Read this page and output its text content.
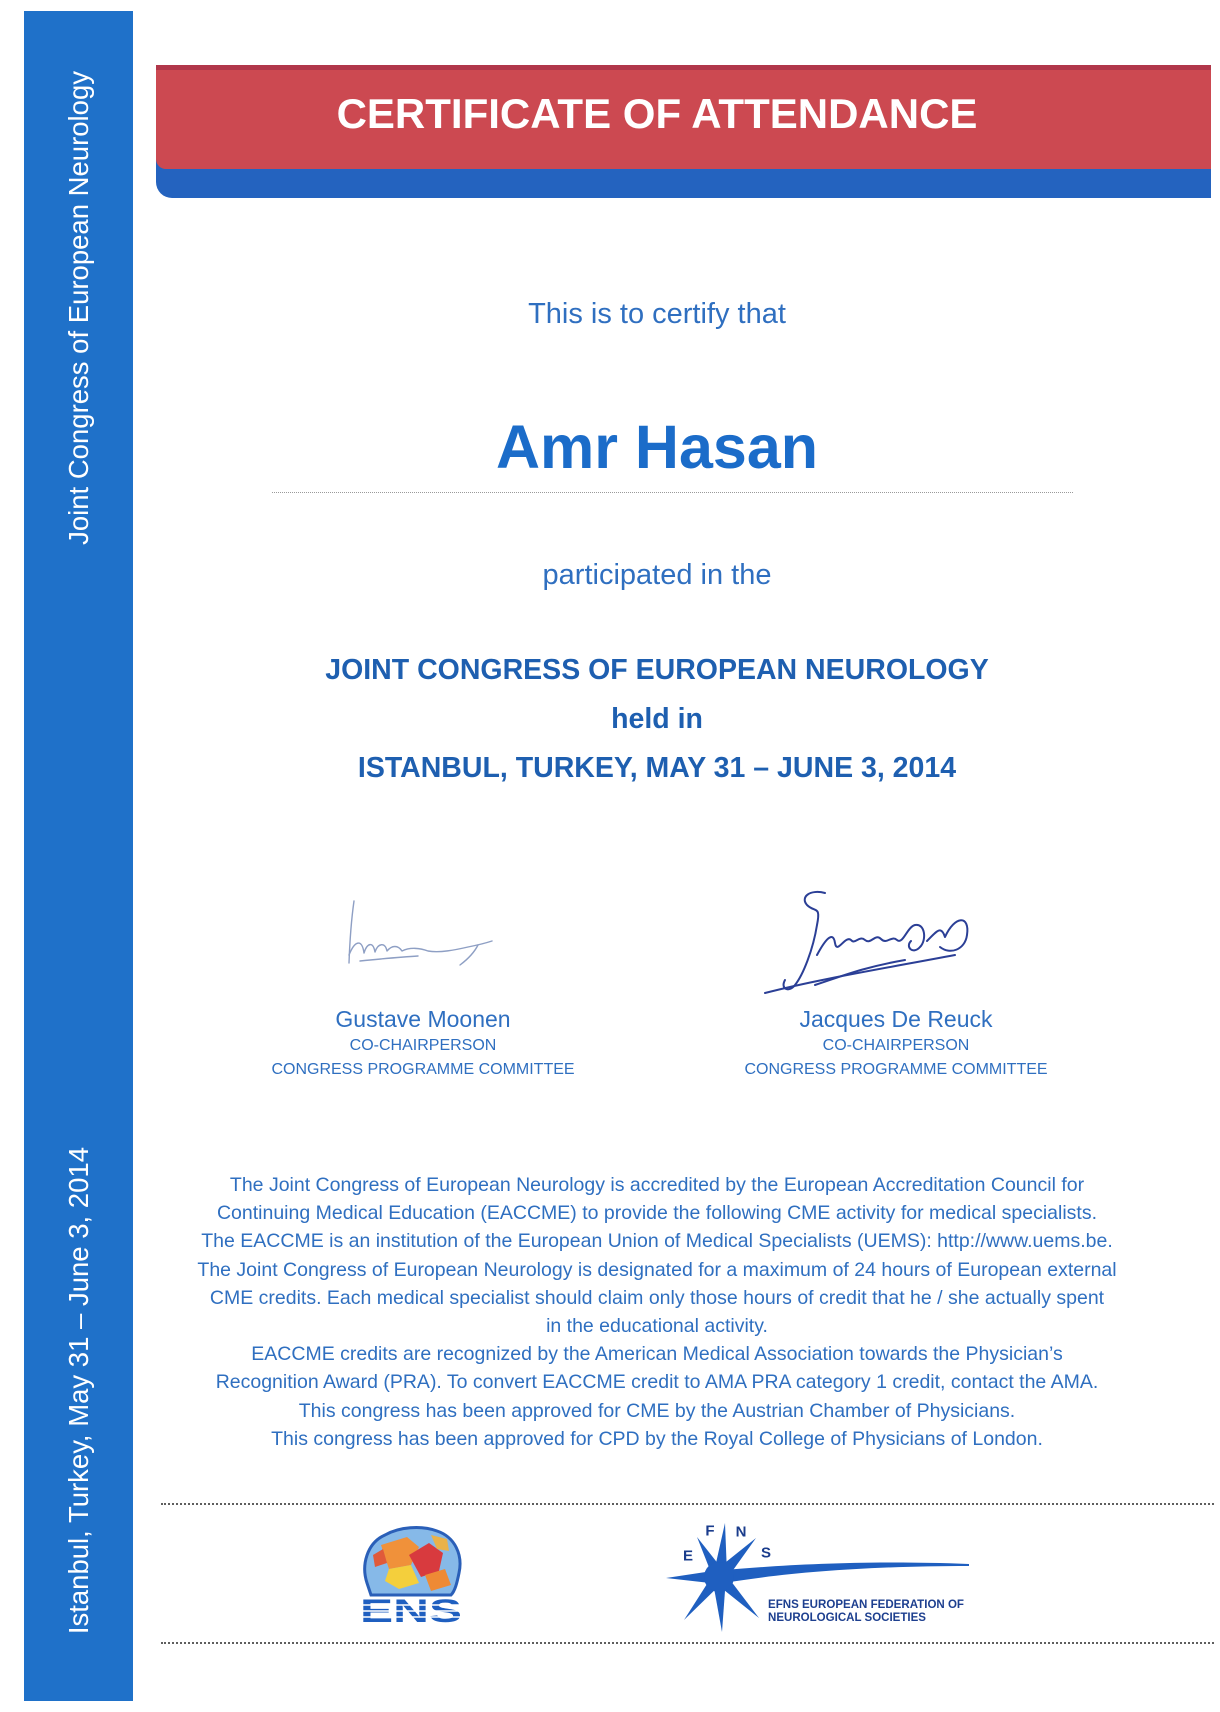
Joint Congress of European Neurology
Istanbul, Turkey, May 31 – June 3, 2014
CERTIFICATE OF ATTENDANCE
This is to certify that
Amr Hasan
participated in the
JOINT CONGRESS OF EUROPEAN NEUROLOGY
held in
ISTANBUL, TURKEY, MAY 31 – JUNE 3, 2014
Gustave Moonen
CO-CHAIRPERSON
CONGRESS PROGRAMME COMMITTEE
Jacques De Reuck
CO-CHAIRPERSON
CONGRESS PROGRAMME COMMITTEE
The Joint Congress of European Neurology is accredited by the European Accreditation Council for
Continuing Medical Education (EACCME) to provide the following CME activity for medical specialists.
The EACCME is an institution of the European Union of Medical Specialists (UEMS): http://www.uems.be.
The Joint Congress of European Neurology is designated for a maximum of 24 hours of European external
CME credits. Each medical specialist should claim only those hours of credit that he / she actually spent
in the educational activity.
EACCME credits are recognized by the American Medical Association towards the Physician’s
Recognition Award (PRA). To convert EACCME credit to AMA PRA category 1 credit, contact the AMA.
This congress has been approved for CME by the Austrian Chamber of Physicians.
This congress has been approved for CPD by the Royal College of Physicians of London.
ENS
E
F N
S
EFNS EUROPEAN FEDERATION OF
NEUROLOGICAL SOCIETIES
